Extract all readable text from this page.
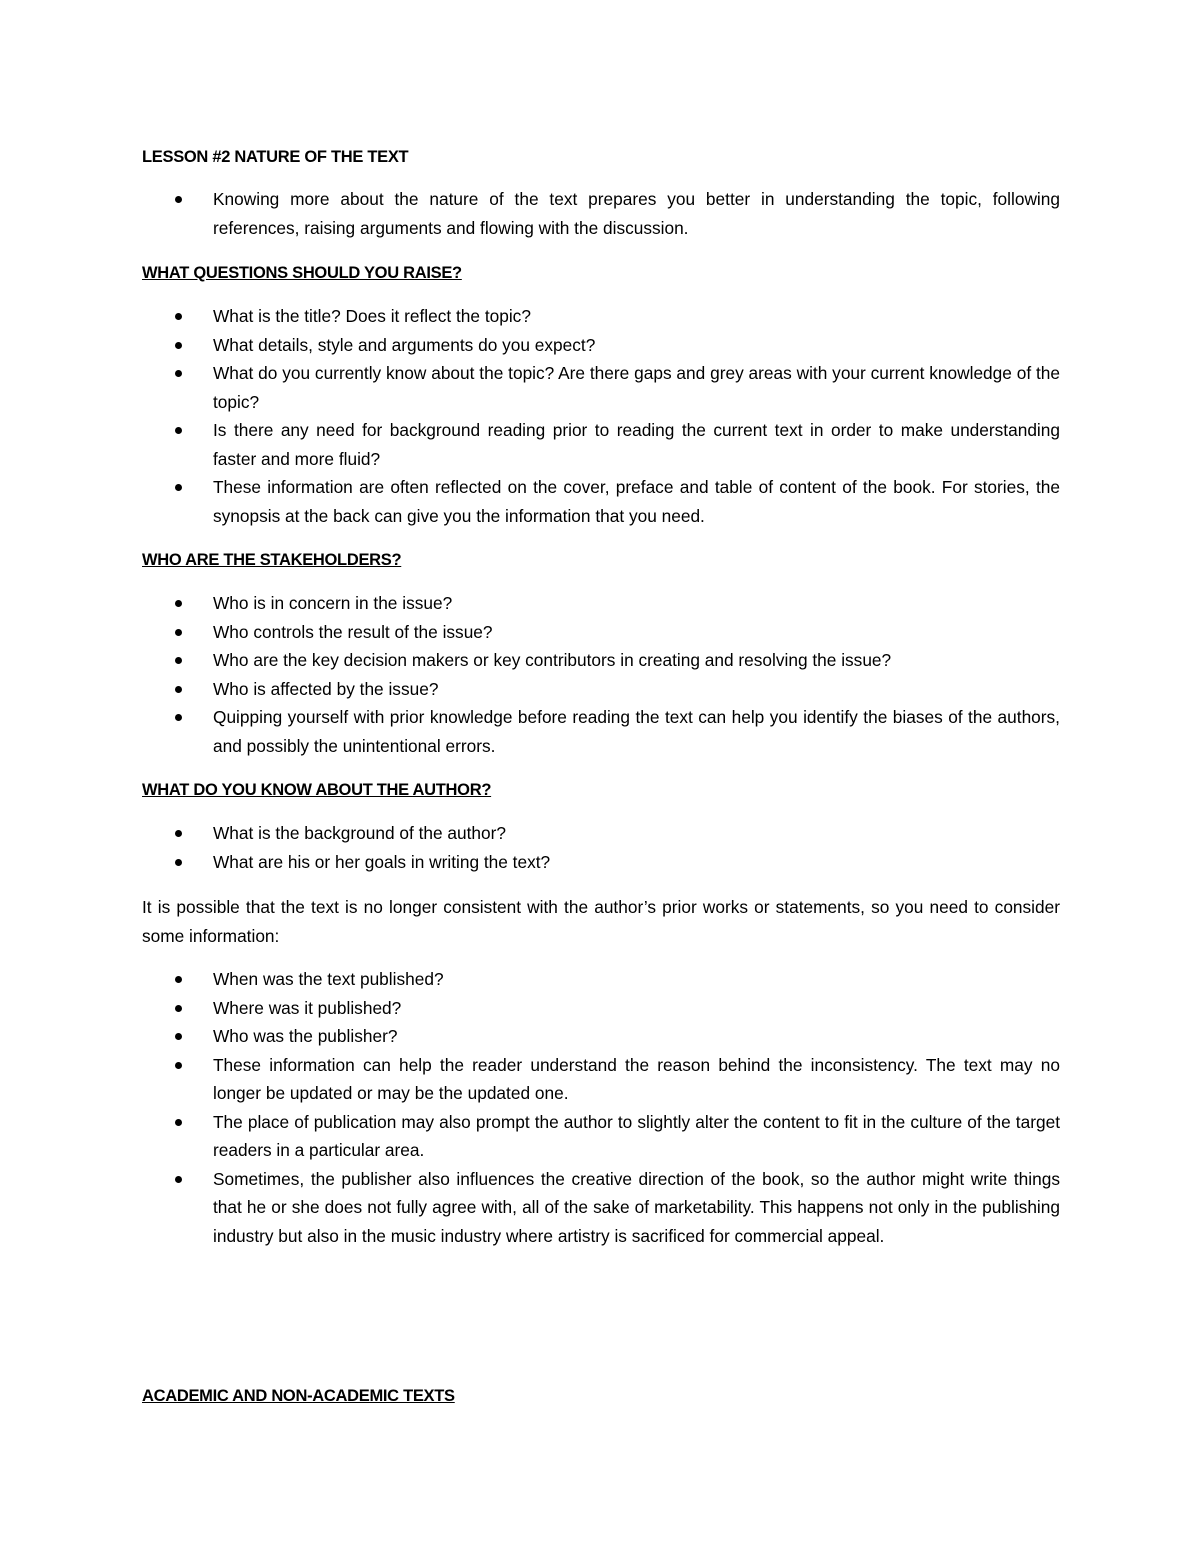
LESSON #2 NATURE OF THE TEXT

Knowing more about the nature of the text prepares you better in understanding the topic, following references, raising arguments and flowing with the discussion.

WHAT QUESTIONS SHOULD YOU RAISE?

What is the title? Does it reflect the topic?
What details, style and arguments do you expect?
What do you currently know about the topic? Are there gaps and grey areas with your current knowledge of the topic?
Is there any need for background reading prior to reading the current text in order to make understanding faster and more fluid?
These information are often reflected on the cover, preface and table of content of the book. For stories, the synopsis at the back can give you the information that you need.

WHO ARE THE STAKEHOLDERS?

Who is in concern in the issue?
Who controls the result of the issue?
Who are the key decision makers or key contributors in creating and resolving the issue?
Who is affected by the issue?
Quipping yourself with prior knowledge before reading the text can help you identify the biases of the authors, and possibly the unintentional errors.

WHAT DO YOU KNOW ABOUT THE AUTHOR?

What is the background of the author?
What are his or her goals in writing the text?

It is possible that the text is no longer consistent with the author’s prior works or statements, so you need to consider some information:

When was the text published?
Where was it published?
Who was the publisher?
These information can help the reader understand the reason behind the inconsistency. The text may no longer be updated or may be the updated one.
The place of publication may also prompt the author to slightly alter the content to fit in the culture of the target readers in a particular area.
Sometimes, the publisher also influences the creative direction of the book, so the author might write things that he or she does not fully agree with, all of the sake of marketability. This happens not only in the publishing industry but also in the music industry where artistry is sacrificed for commercial appeal.

ACADEMIC AND NON-ACADEMIC TEXTS
